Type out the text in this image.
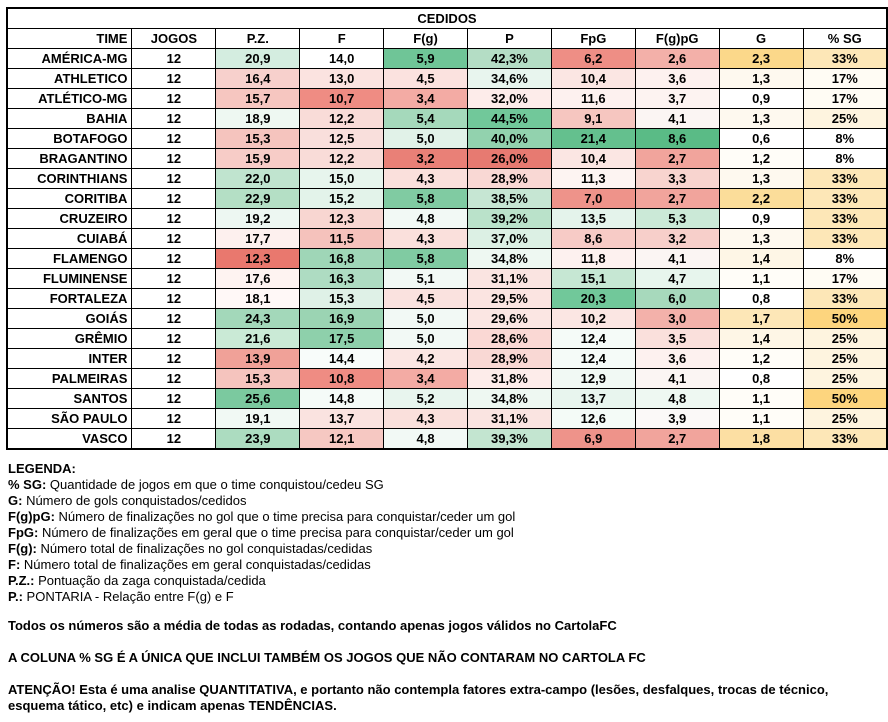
CEDIDOS									
TIME	JOGOS	P.Z.	F	F(g)	P	FpG	F(g)pG	G	% SG
AMÉRICA-MG	12	20,9	14,0	5,9	42,3%	6,2	2,6	2,3	33%
ATHLETICO	12	16,4	13,0	4,5	34,6%	10,4	3,6	1,3	17%
ATLÉTICO-MG	12	15,7	10,7	3,4	32,0%	11,6	3,7	0,9	17%
BAHIA	12	18,9	12,2	5,4	44,5%	9,1	4,1	1,3	25%
BOTAFOGO	12	15,3	12,5	5,0	40,0%	21,4	8,6	0,6	8%
BRAGANTINO	12	15,9	12,2	3,2	26,0%	10,4	2,7	1,2	8%
CORINTHIANS	12	22,0	15,0	4,3	28,9%	11,3	3,3	1,3	33%
CORITIBA	12	22,9	15,2	5,8	38,5%	7,0	2,7	2,2	33%
CRUZEIRO	12	19,2	12,3	4,8	39,2%	13,5	5,3	0,9	33%
CUIABÁ	12	17,7	11,5	4,3	37,0%	8,6	3,2	1,3	33%
FLAMENGO	12	12,3	16,8	5,8	34,8%	11,8	4,1	1,4	8%
FLUMINENSE	12	17,6	16,3	5,1	31,1%	15,1	4,7	1,1	17%
FORTALEZA	12	18,1	15,3	4,5	29,5%	20,3	6,0	0,8	33%
GOIÁS	12	24,3	16,9	5,0	29,6%	10,2	3,0	1,7	50%
GRÊMIO	12	21,6	17,5	5,0	28,6%	12,4	3,5	1,4	25%
INTER	12	13,9	14,4	4,2	28,9%	12,4	3,6	1,2	25%
PALMEIRAS	12	15,3	10,8	3,4	31,8%	12,9	4,1	0,8	25%
SANTOS	12	25,6	14,8	5,2	34,8%	13,7	4,8	1,1	50%
SÃO PAULO	12	19,1	13,7	4,3	31,1%	12,6	3,9	1,1	25%
VASCO	12	23,9	12,1	4,8	39,3%	6,9	2,7	1,8	33%
LEGENDA:
% SG: Quantidade de jogos em que o time conquistou/cedeu SG
G: Número de gols conquistados/cedidos
F(g)pG: Número de finalizações no gol que o time precisa para conquistar/ceder um gol
FpG: Número de finalizações em geral que o time precisa para conquistar/ceder um gol
F(g): Número total de finalizações no gol conquistadas/cedidas
F: Número total de finalizações em geral conquistadas/cedidas
P.Z.: Pontuação da zaga conquistada/cedida
P.: PONTARIA - Relação entre F(g) e F
Todos os números são a média de todas as rodadas, contando apenas jogos válidos no CartolaFC
A COLUNA % SG É A ÚNICA QUE INCLUI TAMBÉM OS JOGOS QUE NÃO CONTARAM NO CARTOLA FC
ATENÇÃO! Esta é uma analise QUANTITATIVA, e portanto não contempla fatores extra-campo (lesões, desfalques, trocas de técnico, esquema tático, etc) e indicam apenas TENDÊNCIAS.
